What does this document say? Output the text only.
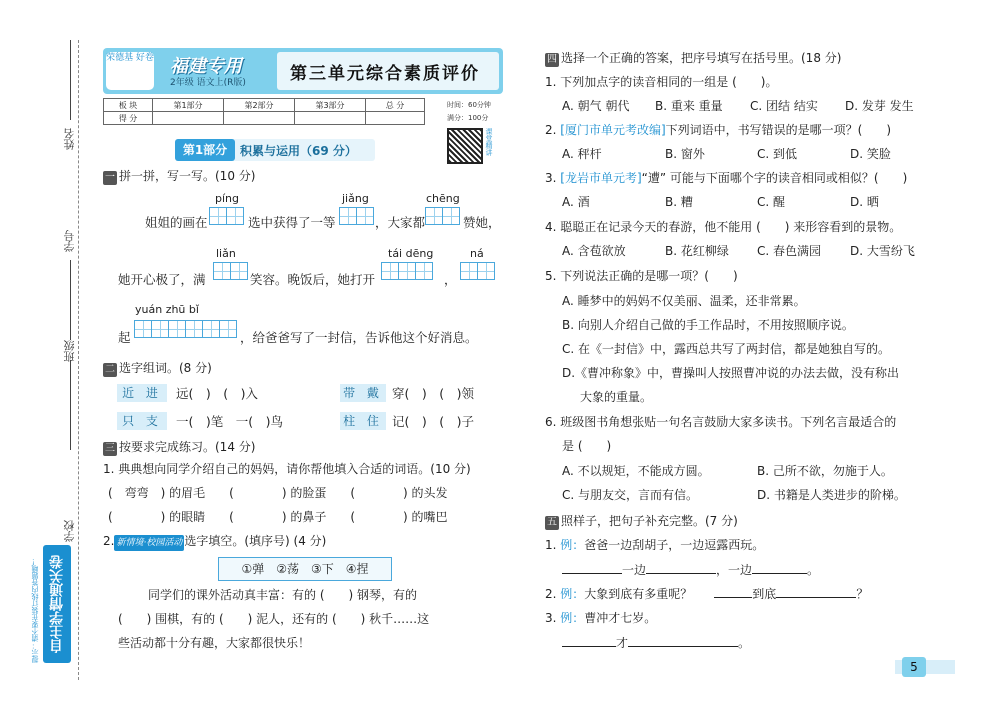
姓名
学号
班级
学校
自主学情通关卷
提示：请不要在装订线内答题哦！
荣德基 好卷 福建专用
2年级 语文上(R版)	第三单元综合素质评价
板 块	第1部分	第2部分	第3部分	总 分
得 分				
时间：60分钟
满分：100分
课堂精讲
第1部分	积累与运用（69 分）
一 拼一拼，写一写。(10 分)
píng	jiǎng	chēng
姐姐的画在	选中获得了一等	，大家都	赞她，
liǎn	tái dēng	ná
她开心极了，满	笑容。晚饭后，她打开	，
yuán zhū bǐ
起	，给爸爸写了一封信，告诉他这个好消息。
二 选字组词。(8 分)
近 进	远(　)　(　)入	带 戴 穿(　)　(　)领
只 支	一(　)笔　一(　)鸟	柱 住 记(　)　(　)子
三 按要求完成练习。(14 分)
1. 典典想向同学介绍自己的妈妈，请你帮他填入合适的词语。(10 分)
(　弯弯　) 的眉毛　　(　　　　) 的脸蛋　　(　　　　) 的头发
(　　　　) 的眼睛　　(　　　　) 的鼻子　　(　　　　) 的嘴巴
2. 新情境·校园活动 选字填空。(填序号) (4 分)
①弹　②荡　③下　④捏
同学们的课外活动真丰富：有的 (　　) 钢琴，有的
(　　) 围棋，有的 (　　) 泥人，还有的 (　　) 秋千……这
些活动都十分有趣，大家都很快乐！
四 选择一个正确的答案，把序号填写在括号里。(18 分)
1. 下列加点字的读音相同的一组是 (　　)。
A. 朝气 朝代 B. 重来 重量 C. 团结 结实 D. 发芽 发生
2. [厦门市单元考改编]下列词语中，书写错误的是哪一项？(　　)
A. 秤杆	B. 窗外	C. 到低	D. 笑脸
3. [龙岩市单元考]“遭” 可能与下面哪个字的读音相同或相似？(　　)
A. 酒	B. 糟	C. 醒	D. 晒
4. 聪聪正在记录今天的春游，他不能用 (　　) 来形容看到的景物。
A. 含苞欲放	B. 花红柳绿 C. 春色满园 D. 大雪纷飞
5. 下列说法正确的是哪一项？(　　)
A. 睡梦中的妈妈不仅美丽、温柔，还非常累。
B. 向别人介绍自己做的手工作品时，不用按照顺序说。
C. 在《一封信》中，露西总共写了两封信，都是她独自写的。
D.《曹冲称象》中，曹操叫人按照曹冲说的办法去做，没有称出
大象的重量。
6. 班级图书角想张贴一句名言鼓励大家多读书。下列名言最适合的
是 (　　)
A. 不以规矩，不能成方圆。	B. 己所不欲，勿施于人。
C. 与朋友交，言而有信。	D. 书籍是人类进步的阶梯。
五 照样子，把句子补充完整。(7 分)
1. 例：爸爸一边刮胡子，一边逗露西玩。
一边	，一边	。
2. 例：大象到底有多重呢？	到底	？
3. 例：曹冲才七岁。
才	。
5
